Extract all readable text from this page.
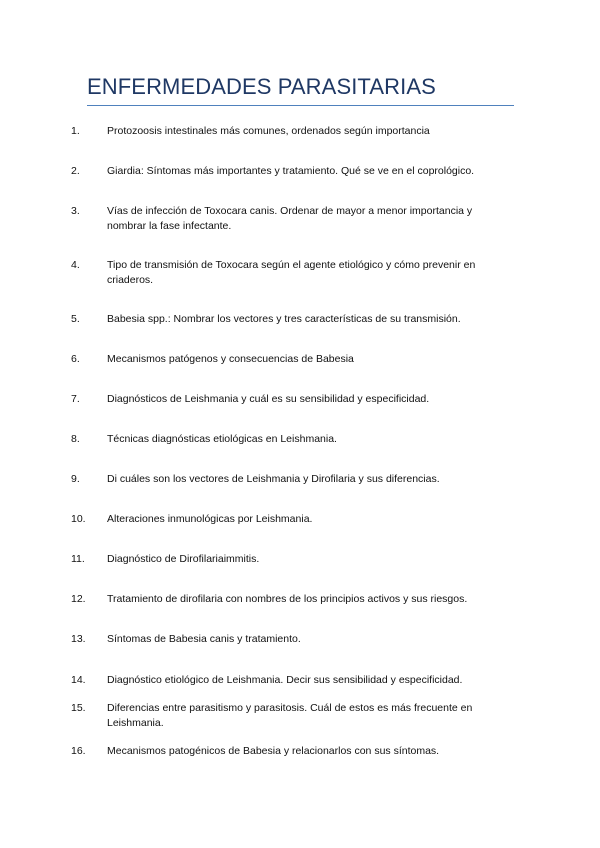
ENFERMEDADES PARASITARIAS
1.	Protozoosis intestinales más comunes, ordenados según importancia
2.	Giardia: Síntomas más importantes y tratamiento. Qué se ve en el coprológico.
3.	Vías de infección de Toxocara canis. Ordenar de mayor a menor importancia y nombrar la fase infectante.
4.	Tipo de transmisión de Toxocara según el agente etiológico y cómo prevenir en criaderos.
5.	Babesia spp.: Nombrar los vectores y tres características de su transmisión.
6.	Mecanismos patógenos y consecuencias de Babesia
7.	Diagnósticos de Leishmania y cuál es su sensibilidad y especificidad.
8.	Técnicas diagnósticas etiológicas en Leishmania.
9.	Di cuáles son los vectores de Leishmania y Dirofilaria y sus diferencias.
10. Alteraciones inmunológicas por Leishmania.
11. Diagnóstico de Dirofilariaimmitis.
12. Tratamiento de dirofilaria con nombres de los principios activos y sus riesgos.
13. Síntomas de Babesia canis y tratamiento.
14. Diagnóstico etiológico de Leishmania. Decir sus sensibilidad y especificidad.
15. Diferencias entre parasitismo y parasitosis. Cuál de estos es más frecuente en Leishmania.
16. Mecanismos patogénicos de Babesia y relacionarlos con sus síntomas.
